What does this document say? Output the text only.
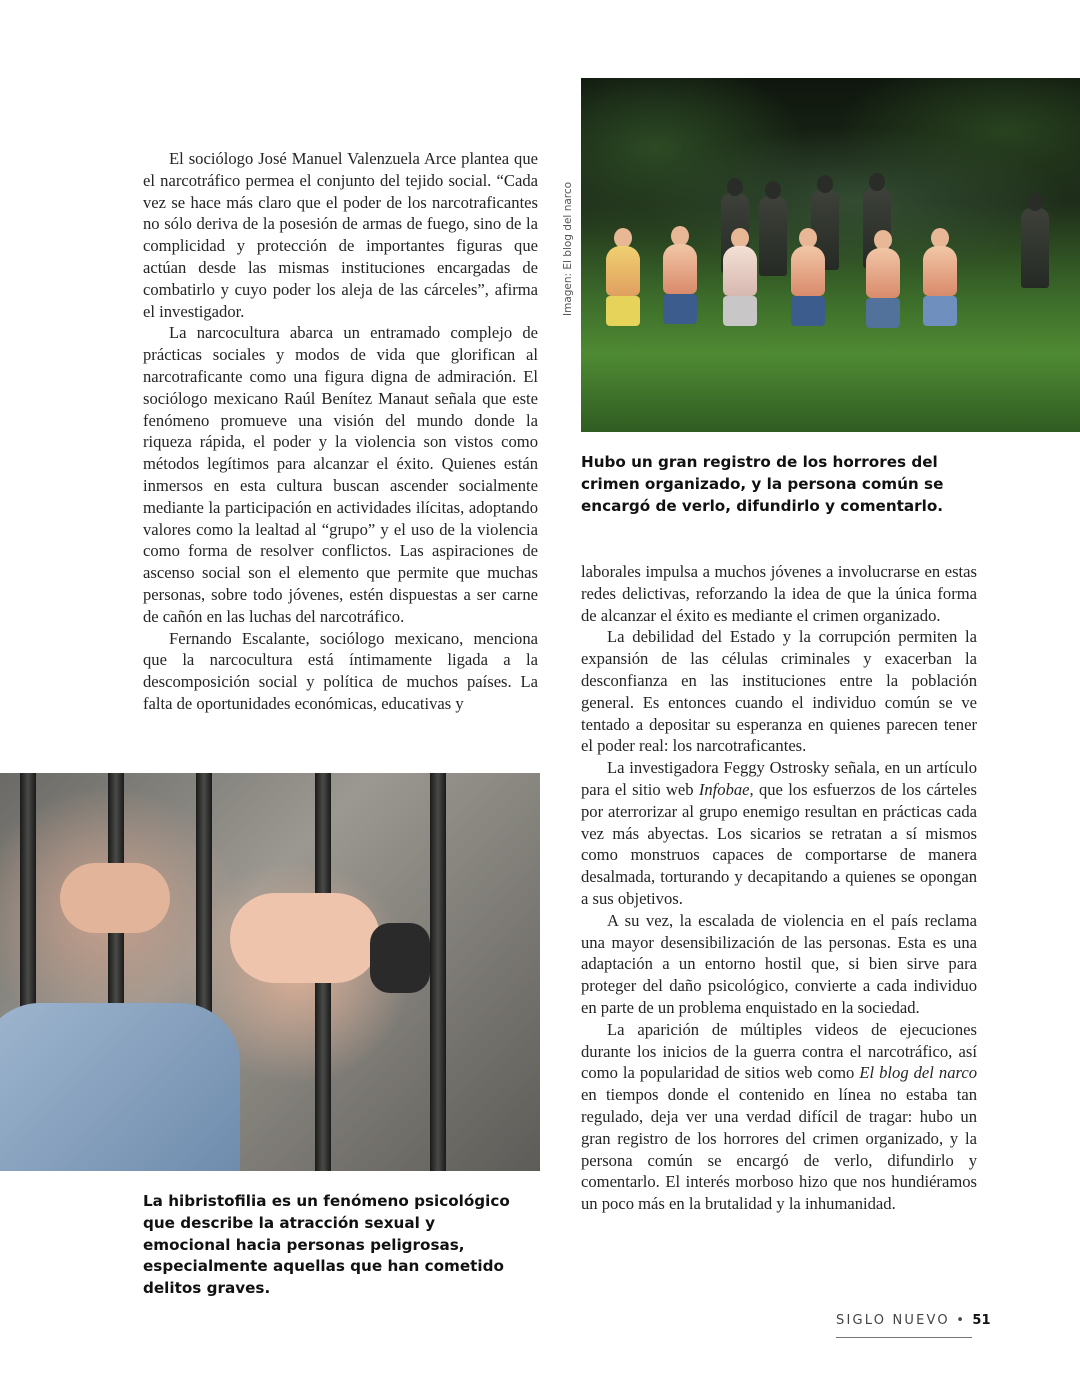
El sociólogo José Manuel Valenzuela Arce plantea que el narcotráfico permea el conjunto del tejido social. “Cada vez se hace más claro que el poder de los narcotraficantes no sólo deriva de la posesión de armas de fuego, sino de la complicidad y protección de importantes figuras que actúan desde las mismas instituciones encargadas de combatirlo y cuyo poder los aleja de las cárceles”, afirma el investigador.

La narcocultura abarca un entramado complejo de prácticas sociales y modos de vida que glorifican al narcotraficante como una figura digna de admiración. El sociólogo mexicano Raúl Benítez Manaut señala que este fenómeno promueve una visión del mundo donde la riqueza rápida, el poder y la violencia son vistos como métodos legítimos para alcanzar el éxito. Quienes están inmersos en esta cultura buscan ascender socialmente mediante la participación en actividades ilícitas, adoptando valores como la lealtad al “grupo” y el uso de la violencia como forma de resolver conflictos. Las aspiraciones de ascenso social son el elemento que permite que muchas personas, sobre todo jóvenes, estén dispuestas a ser carne de cañón en las luchas del narcotráfico.

Fernando Escalante, sociólogo mexicano, menciona que la narcocultura está íntimamente ligada a la descomposición social y política de muchos países. La falta de oportunidades económicas, educativas y

Imagen: El blog del narco
Hubo un gran registro de los horrores del crimen organizado, y la persona común se encargó de verlo, difundirlo y comentarlo.

laborales impulsa a muchos jóvenes a involucrarse en estas redes delictivas, reforzando la idea de que la única forma de alcanzar el éxito es mediante el crimen organizado.

La debilidad del Estado y la corrupción permiten la expansión de las células criminales y exacerban la desconfianza en las instituciones entre la población general. Es entonces cuando el individuo común se ve tentado a depositar su esperanza en quienes parecen tener el poder real: los narcotraficantes.

La investigadora Feggy Ostrosky señala, en un artículo para el sitio web Infobae, que los esfuerzos de los cárteles por aterrorizar al grupo enemigo resultan en prácticas cada vez más abyectas. Los sicarios se retratan a sí mismos como monstruos capaces de comportarse de manera desalmada, torturando y decapitando a quienes se opongan a sus objetivos.

A su vez, la escalada de violencia en el país reclama una mayor desensibilización de las personas. Esta es una adaptación a un entorno hostil que, si bien sirve para proteger del daño psicológico, convierte a cada individuo en parte de un problema enquistado en la sociedad.

La aparición de múltiples videos de ejecuciones durante los inicios de la guerra contra el narcotráfico, así como la popularidad de sitios web como El blog del narco en tiempos donde el contenido en línea no estaba tan regulado, deja ver una verdad difícil de tragar: hubo un gran registro de los horrores del crimen organizado, y la persona común se encargó de verlo, difundirlo y comentarlo. El interés morboso hizo que nos hundiéramos un poco más en la brutalidad y la inhumanidad.

La hibristofilia es un fenómeno psicológico que describe la atracción sexual y emocional hacia personas peligrosas, especialmente aquellas que han cometido delitos graves.
SIGLO NUEVO • 51
